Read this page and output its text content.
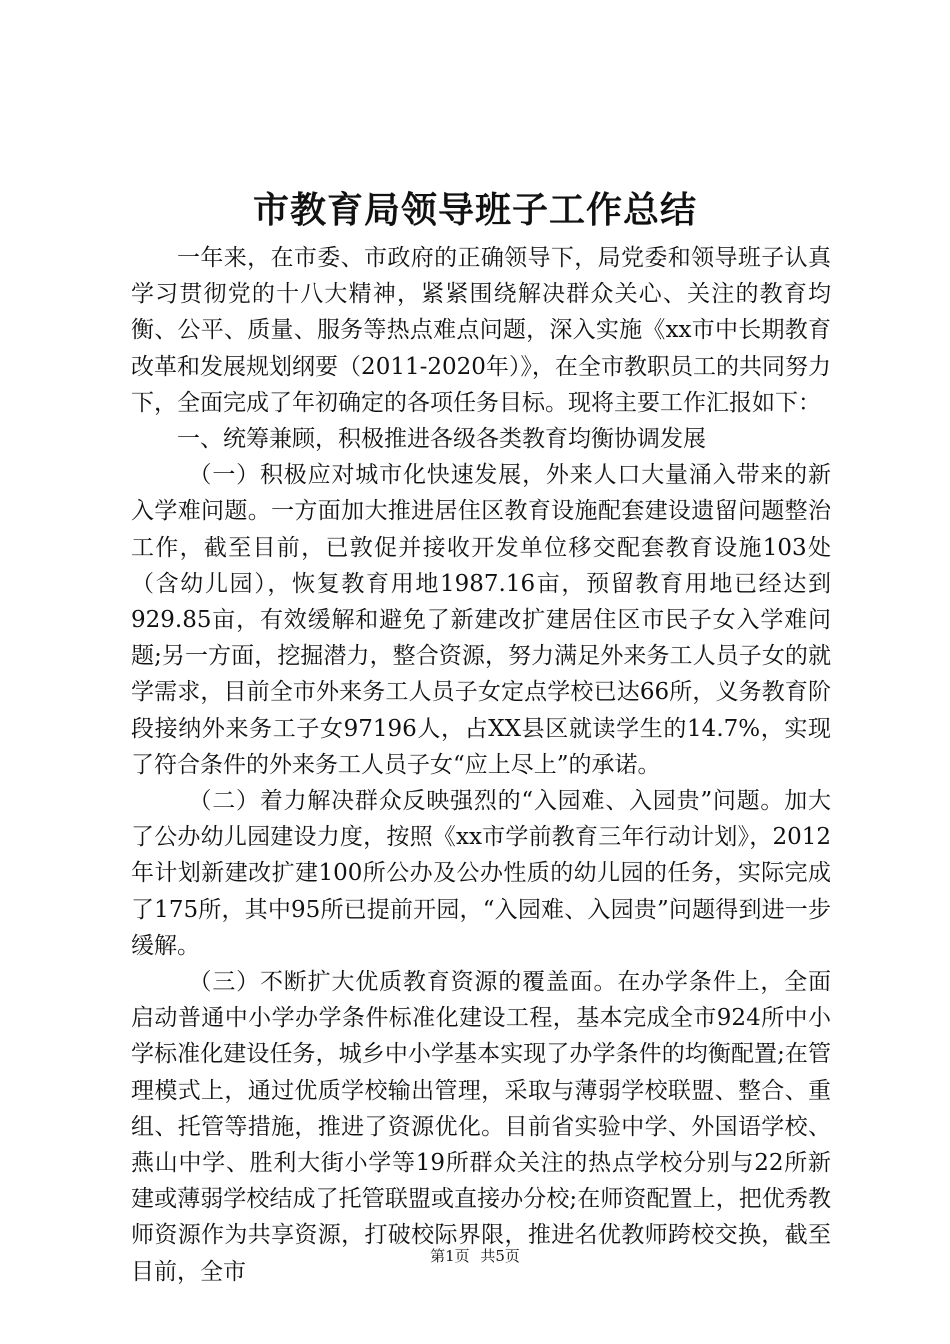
市教育局领导班子工作总结

一年来，在市委、市政府的正确领导下，局党委和领导班子认真学习贯彻党的十八大精神，紧紧围绕解决群众关心、关注的教育均衡、公平、质量、服务等热点难点问题，深入实施《xx市中长期教育改革和发展规划纲要（2011-2020年）》，在全市教职员工的共同努力下，全面完成了年初确定的各项任务目标。现将主要工作汇报如下：

一、统筹兼顾，积极推进各级各类教育均衡协调发展

（一）积极应对城市化快速发展，外来人口大量涌入带来的新入学难问题。一方面加大推进居住区教育设施配套建设遗留问题整治工作，截至目前，已敦促并接收开发单位移交配套教育设施103处（含幼儿园），恢复教育用地1987.16亩，预留教育用地已经达到929.85亩，有效缓解和避免了新建改扩建居住区市民子女入学难问题;另一方面，挖掘潜力，整合资源，努力满足外来务工人员子女的就学需求，目前全市外来务工人员子女定点学校已达66所，义务教育阶段接纳外来务工子女97196人，占XX县区就读学生的14.7%，实现了符合条件的外来务工人员子女“应上尽上”的承诺。

（二）着力解决群众反映强烈的“入园难、入园贵”问题。加大了公办幼儿园建设力度，按照《xx市学前教育三年行动计划》，2012年计划新建改扩建100所公办及公办性质的幼儿园的任务，实际完成了175所，其中95所已提前开园，“入园难、入园贵”问题得到进一步缓解。

（三）不断扩大优质教育资源的覆盖面。在办学条件上，全面启动普通中小学办学条件标准化建设工程，基本完成全市924所中小学标准化建设任务，城乡中小学基本实现了办学条件的均衡配置;在管理模式上，通过优质学校输出管理，采取与薄弱学校联盟、整合、重组、托管等措施，推进了资源优化。目前省实验中学、外国语学校、燕山中学、胜利大街小学等19所群众关注的热点学校分别与22所新建或薄弱学校结成了托管联盟或直接办分校;在师资配置上，把优秀教师资源作为共享资源，打破校际界限，推进名优教师跨校交换，截至目前，全市

第1页 共5页
